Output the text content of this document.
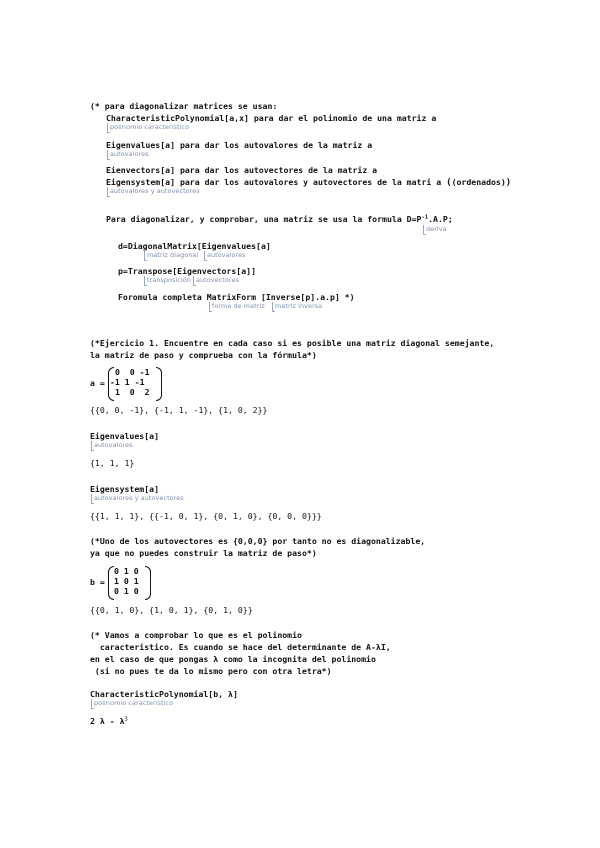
(* para diagonalizar matrices se usan:
CharacteristicPolynomial[a,x] para dar el polinomio de una matriz a
polinomio característico
Eigenvalues[a] para dar los autovalores de la matriz a
autovalores
Eienvectors[a] para dar los autovectores de la matriz a
Eigensystem[a] para dar los autovalores y autovectores de la matri a ((ordenados))
autovalores y autovectores
Para diagonalizar, y comprobar, una matriz se usa la formula $D=P^{-1}.A.P$;
deriva
d=DiagonalMatrix[Eigenvalues[a]
matriz diagonal autovalores
p=Transpose[Eigenvectors[a]]
transposición autovectores
Foromula completa MatrixForm [Inverse[p].a.p] *)
forma de matriz matriz inversa
(*Ejercicio 1. Encuentre en cada caso si es posible una matriz diagonal semejante,
la matriz de paso y comprueba con la fórmula*)
a =
0  0 -1
-1 1 -1
1  0  2
{{0, 0, -1}, {-1, 1, -1}, {1, 0, 2}}
Eigenvalues[a]
autovalores
{1, 1, 1}
Eigensystem[a]
autovalores y autovectores
{{1, 1, 1}, {{-1, 0, 1}, {0, 1, 0}, {0, 0, 0}}}
(*Uno de los autovectores es {0,0,0} por tanto no es diagonalizable,
ya que no puedes construir la matriz de paso*)
b =
0 1 0
1 0 1
0 1 0
{{0, 1, 0}, {1, 0, 1}, {0, 1, 0}}
(* Vamos a comprobar lo que es el polinomio
caracteristico. Es cuando se hace del determinante de A-λI,
en el caso de que pongas λ como la incognita del polinomio
(si no pues te da lo mismo pero con otra letra*)
CharacteristicPolynomial[b, λ]
polinomio característico
2 λ - $\lambda^3$
